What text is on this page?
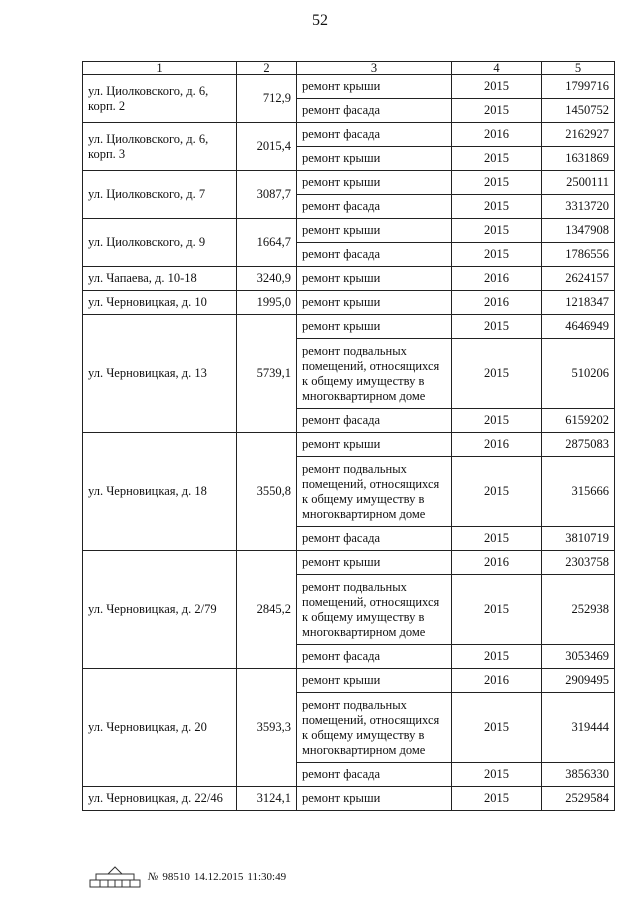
52
1	2	3	4	5
ул. Циолковского, д. 6, корп. 2	712,9	ремонт крыши	2015	1799716
		ремонт фасада	2015	1450752
ул. Циолковского, д. 6, корп. 3	2015,4	ремонт фасада	2016	2162927
		ремонт крыши	2015	1631869
ул. Циолковского, д. 7	3087,7	ремонт крыши	2015	2500111
		ремонт фасада	2015	3313720
ул. Циолковского, д. 9	1664,7	ремонт крыши	2015	1347908
		ремонт фасада	2015	1786556
ул. Чапаева, д. 10-18	3240,9	ремонт крыши	2016	2624157
ул. Черновицкая, д. 10	1995,0	ремонт крыши	2016	1218347
ул. Черновицкая, д. 13	5739,1	ремонт крыши	2015	4646949
		ремонт подвальных помещений, относящихся к общему имуществу в многоквартирном доме	2015	510206
		ремонт фасада	2015	6159202
ул. Черновицкая, д. 18	3550,8	ремонт крыши	2016	2875083
		ремонт подвальных помещений, относящихся к общему имуществу в многоквартирном доме	2015	315666
		ремонт фасада	2015	3810719
ул. Черновицкая, д. 2/79	2845,2	ремонт крыши	2016	2303758
		ремонт подвальных помещений, относящихся к общему имуществу в многоквартирном доме	2015	252938
		ремонт фасада	2015	3053469
ул. Черновицкая, д. 20	3593,3	ремонт крыши	2016	2909495
		ремонт подвальных помещений, относящихся к общему имуществу в многоквартирном доме	2015	319444
		ремонт фасада	2015	3856330
ул. Черновицкая, д. 22/46	3124,1	ремонт крыши	2015	2529584
№ 98510 14.12.2015 11:30:49
